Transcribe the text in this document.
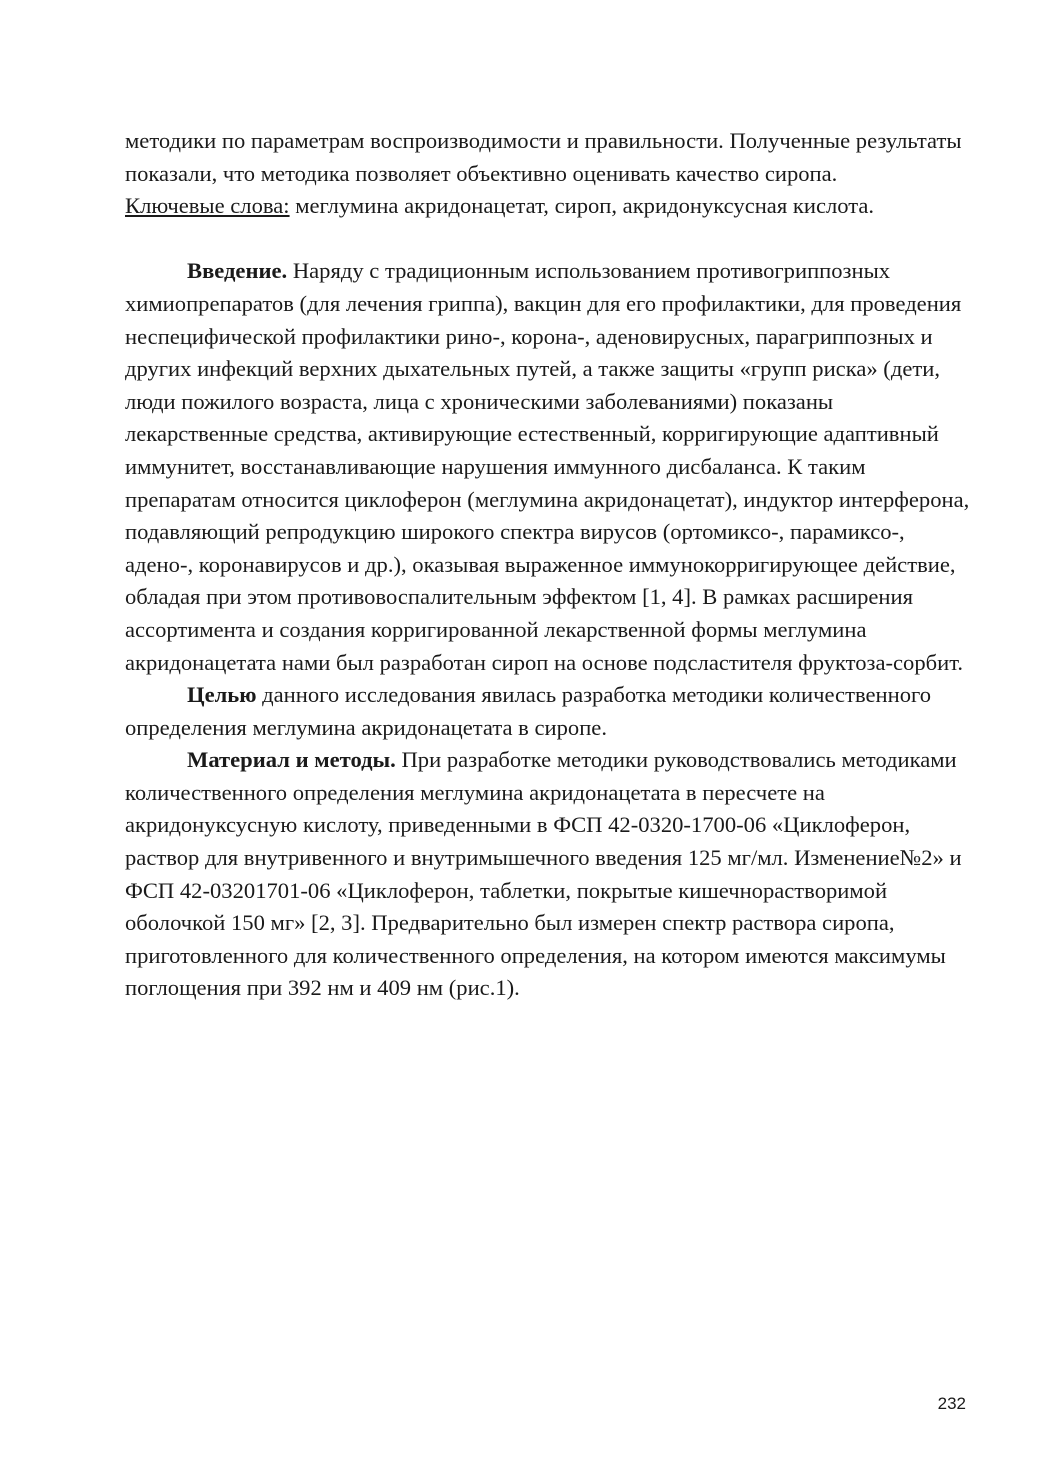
методики по параметрам воспроизводимости и правильности. Полученные результаты показали, что методика позволяет объективно оценивать качество сиропа.

Ключевые слова: меглумина акридонацетат, сироп, акридонуксусная кислота.

Введение. Наряду с традиционным использованием противогриппозных химиопрепаратов (для лечения гриппа), вакцин для его профилактики, для проведения неспецифической профилактики рино-, корона-, аденовирусных, парагриппозных и других инфекций верхних дыхательных путей, а также защиты «групп риска» (дети, люди пожилого возраста, лица с хроническими заболеваниями) показаны лекарственные средства, активирующие естественный, корригирующие адаптивный иммунитет, восстанавливающие нарушения иммунного дисбаланса. К таким препаратам относится циклоферон (меглумина акридонацетат), индуктор интерферона, подавляющий репродукцию широкого спектра вирусов (ортомиксо-, парамиксо-, адено-, коронавирусов и др.), оказывая выраженное иммунокорригирующее действие, обладая при этом противовоспалительным эффектом [1, 4]. В рамках расширения ассортимента и создания корригированной лекарственной формы меглумина акридонацетата нами был разработан сироп на основе подсластителя фруктоза-сорбит.

Целью данного исследования явилась разработка методики количественного определения меглумина акридонацетата в сиропе.

Материал и методы. При разработке методики руководствовались методиками количественного определения меглумина акридонацетата в пересчете на акридонуксусную кислоту, приведенными в ФСП 42-0320-1700-06 «Циклоферон, раствор для внутривенного и внутримышечного введения 125 мг/мл. Изменение№2» и ФСП 42-03201701-06 «Циклоферон, таблетки, покрытые кишечнорастворимой оболочкой 150 мг» [2, 3]. Предварительно был измерен спектр раствора сиропа, приготовленного для количественного определения, на котором имеются максимумы поглощения при 392 нм и 409 нм (рис.1).

232
